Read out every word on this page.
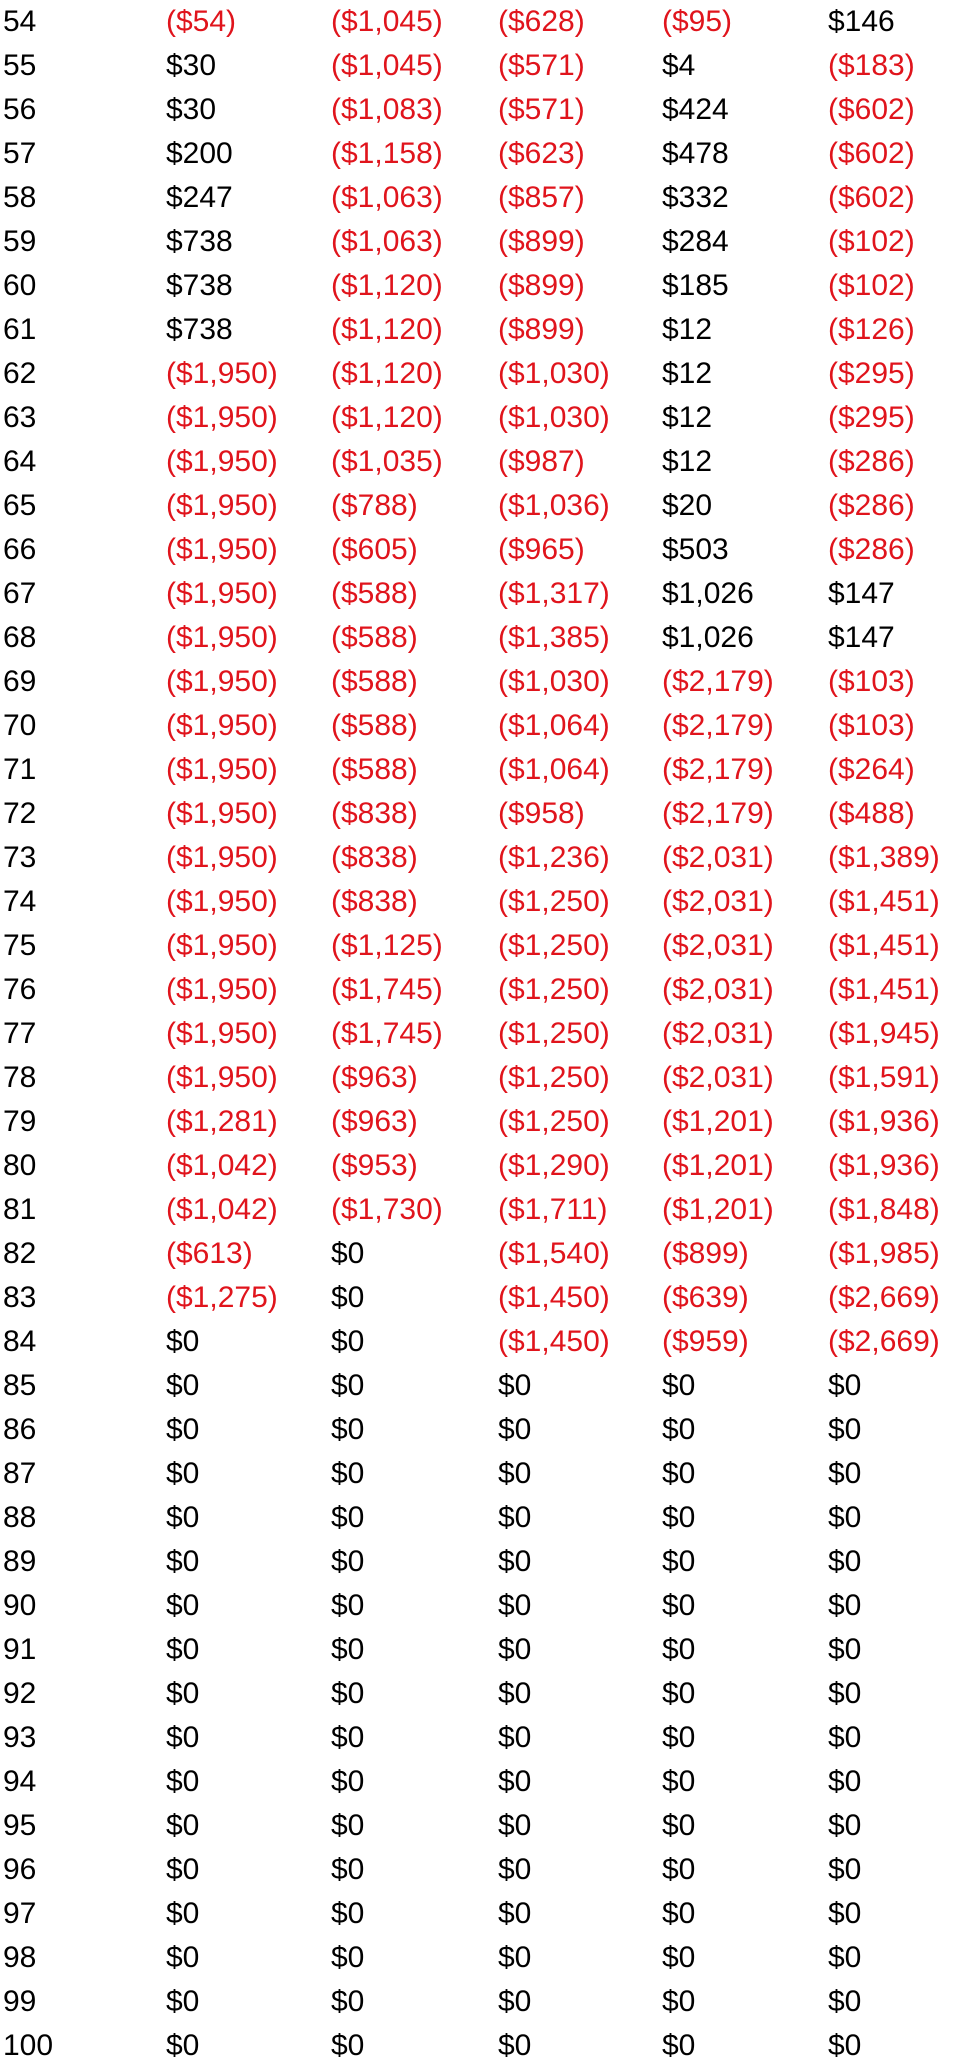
54	($54)	($1,045) ($628)	($95)	$146
55	$30	($1,045) ($571)	$4	($183)
56	$30	($1,083) ($571)	$424	($602)
57	$200	($1,158) ($623)	$478	($602)
58	$247	($1,063) ($857)	$332	($602)
59	$738	($1,063) ($899)	$284	($102)
60	$738	($1,120) ($899)	$185	($102)
61	$738	($1,120) ($899)	$12	($126)
62	($1,950) ($1,120) ($1,030) $12	($295)
63	($1,950) ($1,120) ($1,030) $12	($295)
64	($1,950) ($1,035) ($987)	$12	($286)
65	($1,950) ($788)	($1,036) $20	($286)
66	($1,950) ($605)	($965)	$503	($286)
67	($1,950) ($588)	($1,317) $1,026 $147
68	($1,950) ($588)	($1,385) $1,026 $147
69	($1,950) ($588)	($1,030) ($2,179) ($103)
70	($1,950) ($588)	($1,064) ($2,179) ($103)
71	($1,950) ($588)	($1,064) ($2,179) ($264)
72	($1,950) ($838)	($958)	($2,179) ($488)
73	($1,950) ($838)	($1,236) ($2,031) ($1,389)
74	($1,950) ($838)	($1,250) ($2,031) ($1,451)
75	($1,950) ($1,125) ($1,250) ($2,031) ($1,451)
76	($1,950) ($1,745) ($1,250) ($2,031) ($1,451)
77	($1,950) ($1,745) ($1,250) ($2,031) ($1,945)
78	($1,950) ($963)	($1,250) ($2,031) ($1,591)
79	($1,281) ($963)	($1,250) ($1,201) ($1,936)
80	($1,042) ($953)	($1,290) ($1,201) ($1,936)
81	($1,042) ($1,730) ($1,711) ($1,201) ($1,848)
82	($613)	$0	($1,540) ($899)	($1,985)
83	($1,275) $0	($1,450) ($639)	($2,669)
84	$0	$0	($1,450) ($959)	($2,669)
85	$0	$0	$0	$0	$0
86	$0	$0	$0	$0	$0
87	$0	$0	$0	$0	$0
88	$0	$0	$0	$0	$0
89	$0	$0	$0	$0	$0
90	$0	$0	$0	$0	$0
91	$0	$0	$0	$0	$0
92	$0	$0	$0	$0	$0
93	$0	$0	$0	$0	$0
94	$0	$0	$0	$0	$0
95	$0	$0	$0	$0	$0
96	$0	$0	$0	$0	$0
97	$0	$0	$0	$0	$0
98	$0	$0	$0	$0	$0
99	$0	$0	$0	$0	$0
100	$0	$0	$0	$0	$0
